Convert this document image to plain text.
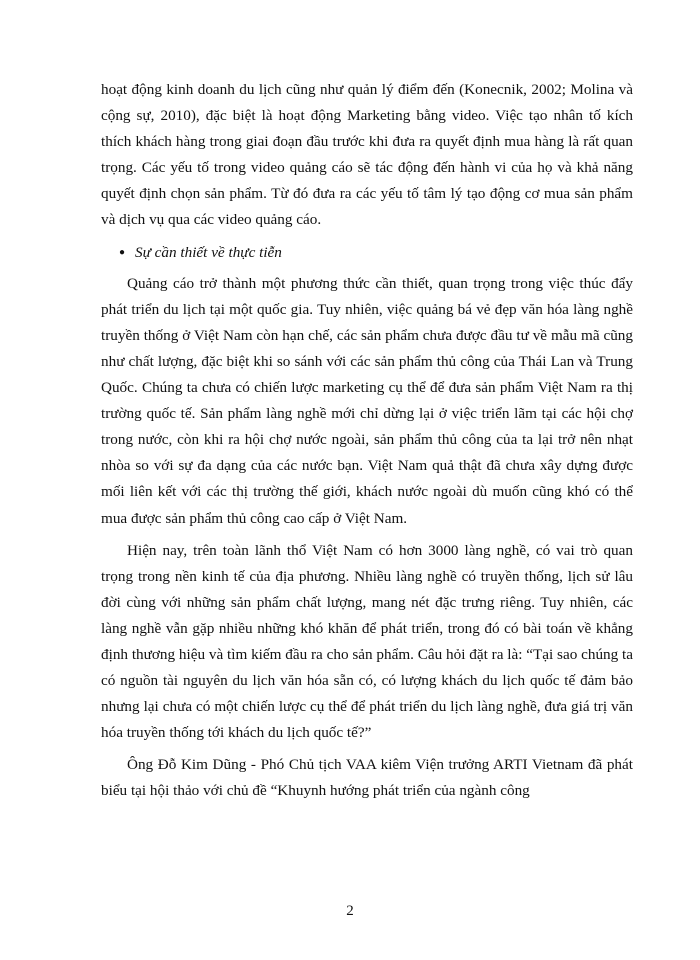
hoạt động kinh doanh du lịch cũng như quản lý điểm đến (Konecnik, 2002; Molina và cộng sự, 2010), đặc biệt là hoạt động Marketing bằng video. Việc tạo nhân tố kích thích khách hàng trong giai đoạn đầu trước khi đưa ra quyết định mua hàng là rất quan trọng. Các yếu tố trong video quảng cáo sẽ tác động đến hành vi của họ và khả năng quyết định chọn sản phẩm. Từ đó đưa ra các yếu tố tâm lý tạo động cơ mua sản phẩm và dịch vụ qua các video quảng cáo.

● Sự cần thiết về thực tiễn

Quảng cáo trở thành một phương thức cần thiết, quan trọng trong việc thúc đẩy phát triển du lịch tại một quốc gia. Tuy nhiên, việc quảng bá vẻ đẹp văn hóa làng nghề truyền thống ở Việt Nam còn hạn chế, các sản phẩm chưa được đầu tư về mẫu mã cũng như chất lượng, đặc biệt khi so sánh với các sản phẩm thủ công của Thái Lan và Trung Quốc. Chúng ta chưa có chiến lược marketing cụ thể để đưa sản phẩm Việt Nam ra thị trường quốc tế. Sản phẩm làng nghề mới chỉ dừng lại ở việc triển lãm tại các hội chợ trong nước, còn khi ra hội chợ nước ngoài, sản phẩm thủ công của ta lại trở nên nhạt nhòa so với sự đa dạng của các nước bạn. Việt Nam quả thật đã chưa xây dựng được mối liên kết với các thị trường thế giới, khách nước ngoài dù muốn cũng khó có thể mua được sản phẩm thủ công cao cấp ở Việt Nam.

Hiện nay, trên toàn lãnh thổ Việt Nam có hơn 3000 làng nghề, có vai trò quan trọng trong nền kinh tế của địa phương. Nhiều làng nghề có truyền thống, lịch sử lâu đời cùng với những sản phẩm chất lượng, mang nét đặc trưng riêng. Tuy nhiên, các làng nghề vẫn gặp nhiều những khó khăn để phát triển, trong đó có bài toán về khẳng định thương hiệu và tìm kiếm đầu ra cho sản phẩm. Câu hỏi đặt ra là: “Tại sao chúng ta có nguồn tài nguyên du lịch văn hóa sẵn có, có lượng khách du lịch quốc tế đảm bảo nhưng lại chưa có một chiến lược cụ thể để phát triển du lịch làng nghề, đưa giá trị văn hóa truyền thống tới khách du lịch quốc tế?”

Ông Đỗ Kim Dũng - Phó Chủ tịch VAA kiêm Viện trưởng ARTI Vietnam đã phát biểu tại hội thảo với chủ đề “Khuynh hướng phát triển của ngành công

2
